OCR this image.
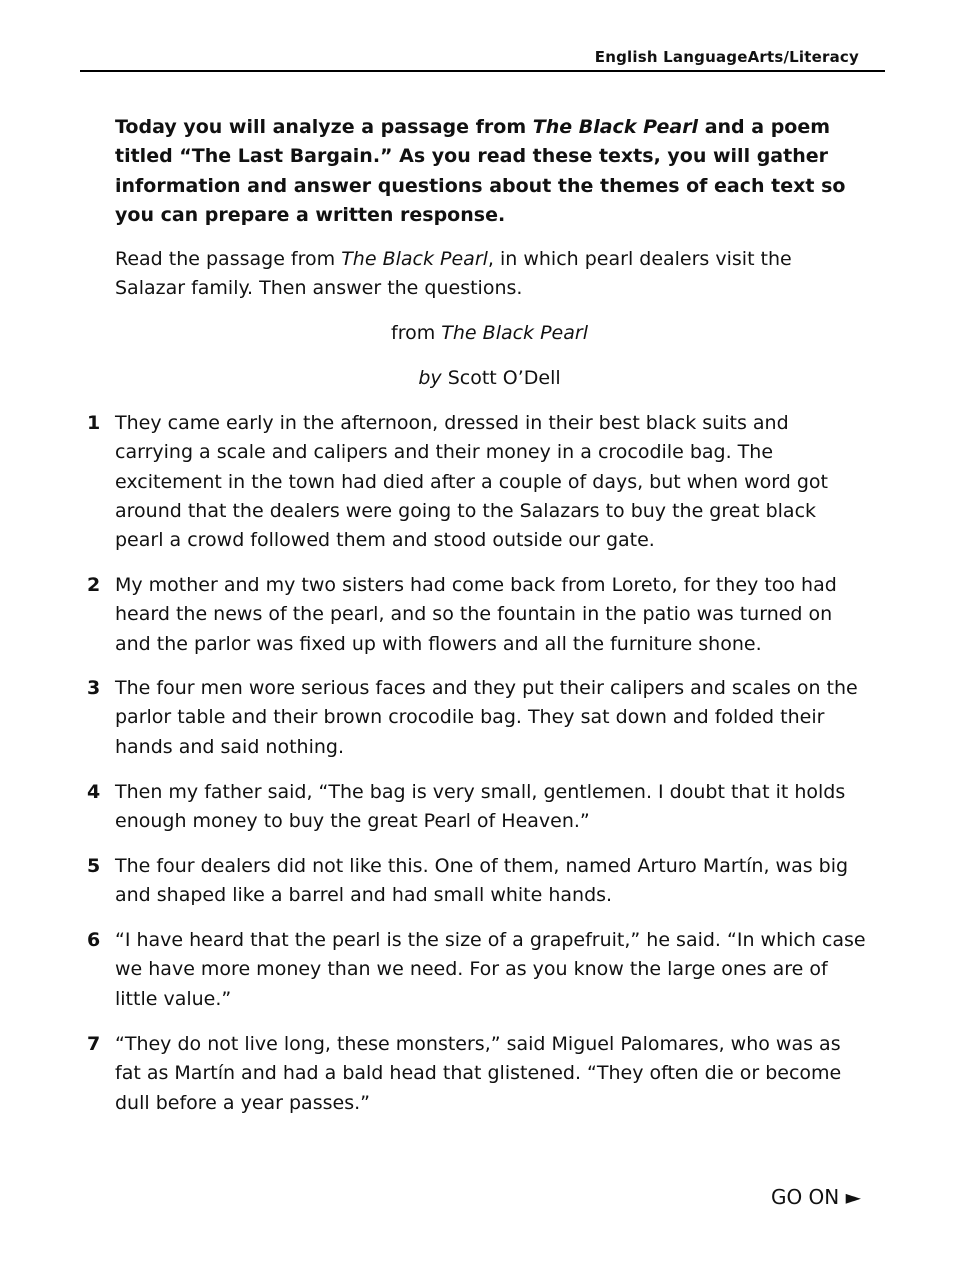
English LanguageArts/Literacy

Today you will analyze a passage from The Black Pearl and a poem titled “The Last Bargain.” As you read these texts, you will gather information and answer questions about the themes of each text so you can prepare a written response.

Read the passage from The Black Pearl, in which pearl dealers visit the Salazar family. Then answer the questions.

from The Black Pearl

by Scott O’Dell

1 They came early in the afternoon, dressed in their best black suits and carrying a scale and calipers and their money in a crocodile bag. The excitement in the town had died after a couple of days, but when word got around that the dealers were going to the Salazars to buy the great black pearl a crowd followed them and stood outside our gate.
2 My mother and my two sisters had come back from Loreto, for they too had heard the news of the pearl, and so the fountain in the patio was turned on and the parlor was fixed up with flowers and all the furniture shone.
3 The four men wore serious faces and they put their calipers and scales on the parlor table and their brown crocodile bag. They sat down and folded their hands and said nothing.
4 Then my father said, “The bag is very small, gentlemen. I doubt that it holds enough money to buy the great Pearl of Heaven.”
5 The four dealers did not like this. One of them, named Arturo Martín, was big and shaped like a barrel and had small white hands.
6 “I have heard that the pearl is the size of a grapefruit,” he said. “In which case we have more money than we need. For as you know the large ones are of little value.”
7 “They do not live long, these monsters,” said Miguel Palomares, who was as fat as Martín and had a bald head that glistened. “They often die or become dull before a year passes.”
GO ON ►
